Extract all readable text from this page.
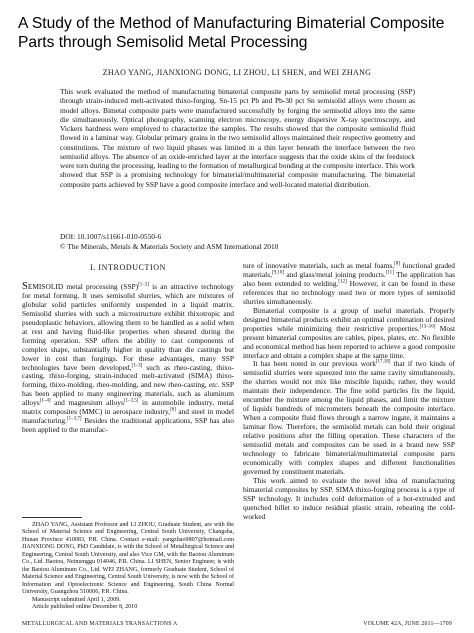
A Study of the Method of Manufacturing Bimaterial Composite Parts through Semisolid Metal Processing
ZHAO YANG, JIANXIONG DONG, LI ZHOU, LI SHEN, and WEI ZHANG

This work evaluated the method of manufacturing bimaterial composite parts by semisolid metal processing (SSP) through strain-induced melt-activated thixo-forging. Sn-15 pct Pb and Pb-30 pct Sn semisolid alloys were chosen as model alloys. Bimetal composite parts were manufactured successfully by forging the semisolid alloys into the same die simultaneously. Optical photography, scanning electron microscopy, energy dispersive X-ray spectroscopy, and Vickers hardness were employed to characterize the samples. The results showed that the composite semisolid fluid flowed in a laminar way. Globular primary grains in the two semisolid alloys maintained their respective geometry and constitutions. The mixture of two liquid phases was limited in a thin layer beneath the interface between the two semisolid alloys. The absence of an oxide-enriched layer at the interface suggests that the oxide skins of the feedstock were torn during the processing, leading to the formation of metallurgical bonding at the composite interface. This work showed that SSP is a promising technology for bimaterial/multimaterial composite manufacturing. The bimaterial composite parts achieved by SSP have a good composite interface and well-located material distribution.

DOI: 10.1007/s11661-010-0550-6
© The Minerals, Metals & Materials Society and ASM International 2010
I. INTRODUCTION

SEMISOLID metal processing (SSP)[1–3] is an attractive technology for metal forming. It uses semisolid slurries, which are mixtures of globular solid particles uniformly suspended in a liquid matrix. Semisolid slurries with such a microstructure exhibit thixotropic and pseudoplastic behaviors, allowing them to be handled as a solid when at rest and having fluid-like properties when sheared during the forming operation. SSP offers the ability to cast components of complex shape, substantially higher in quality than die castings but lower in cost than forgings. For these advantages, many SSP technologies have been developed,[1–3] such as rheo-casting, thixo-casting, thixo-forging, strain-induced melt-activated (SIMA) thixo-forming, thixo-molding, rheo-molding, and new rheo-casting, etc. SSP has been applied to many engineering materials, such as aluminum alloys[1–4] and magnesium alloys[1–3,5] in automobile industry, metal matrix composites (MMC) in aerospace industry,[6] and steel in model manufacturing.[1–3,7] Besides the traditional applications, SSP has also been applied to the manufac-

ture of innovative materials, such as metal foams,[8] functional graded materials,[9,10] and glass/metal joining products.[11] The application has also been extended to welding.[12] However, it can be found in these references that no technology used two or more types of semisolid slurries simultaneously.

Bimaterial composite is a group of useful materials. Properly designed bimaterial products exhibit an optimal combination of desired properties while minimizing their restrictive properties.[13–16] Most present bimaterial composites are cables, pipes, plates, etc. No flexible and economical method has been reported to achieve a good composite interface and obtain a complex shape at the same time.

It has been noted in our previous work[17,18] that if two kinds of semisolid slurries were squeezed into the same cavity simultaneously, the slurries would not mix like miscible liquids; rather, they would maintain their independence. The fine solid particles fix the liquid, encumber the mixture among the liquid phases, and limit the mixture of liquids hundreds of micrometers beneath the composite interface. When a composite fluid flows through a narrow ingate, it maintains a laminar flow. Therefore, the semisolid metals can hold their original relative positions after the filling operation. These characters of the semisolid metals and composites can be used in a brand new SSP technology to fabricate bimaterial/multimaterial composite parts economically with complex shapes and different functionalities governed by constituent materials.

This work aimed to evaluate the novel idea of manufacturing bimaterial composites by SSP. SIMA thixo-forging process is a type of SSP technology. It includes cold deformation of a hot-extruded and quenched billet to induce residual plastic strain, reheating the cold-worked

ZHAO YANG, Assistant Professor and LI ZHOU, Graduate Student, are with the School of Material Science and Engineering, Central South University, Changsha, Hunan Province 410083, P.R. China. Contact e-mail: yangzhao9807@hotmail.com JIANXIONG DONG, PhD Candidate, is with the School of Metallurgical Science and Engineering, Central South University, and also Vice GM, with the Baotou Aluminum Co., Ltd. Baotou, Neimenggu 014046, P.R. China. LI SHEN, Senior Engineer, is with the Baotou Aluminum Co., Ltd. WEI ZHANG, formerly Graduate Student, School of Material Science and Engineering, Central South University, is now with the School of Information and Optoelectronic Science and Engineering, South China Normal University, Guangzhou 510006, P.R. China.

Manuscript submitted April 1, 2009.

Article published online December 8, 2010

METALLURGICAL AND MATERIALS TRANSACTIONS A	VOLUME 42A, JUNE 2011—1709
